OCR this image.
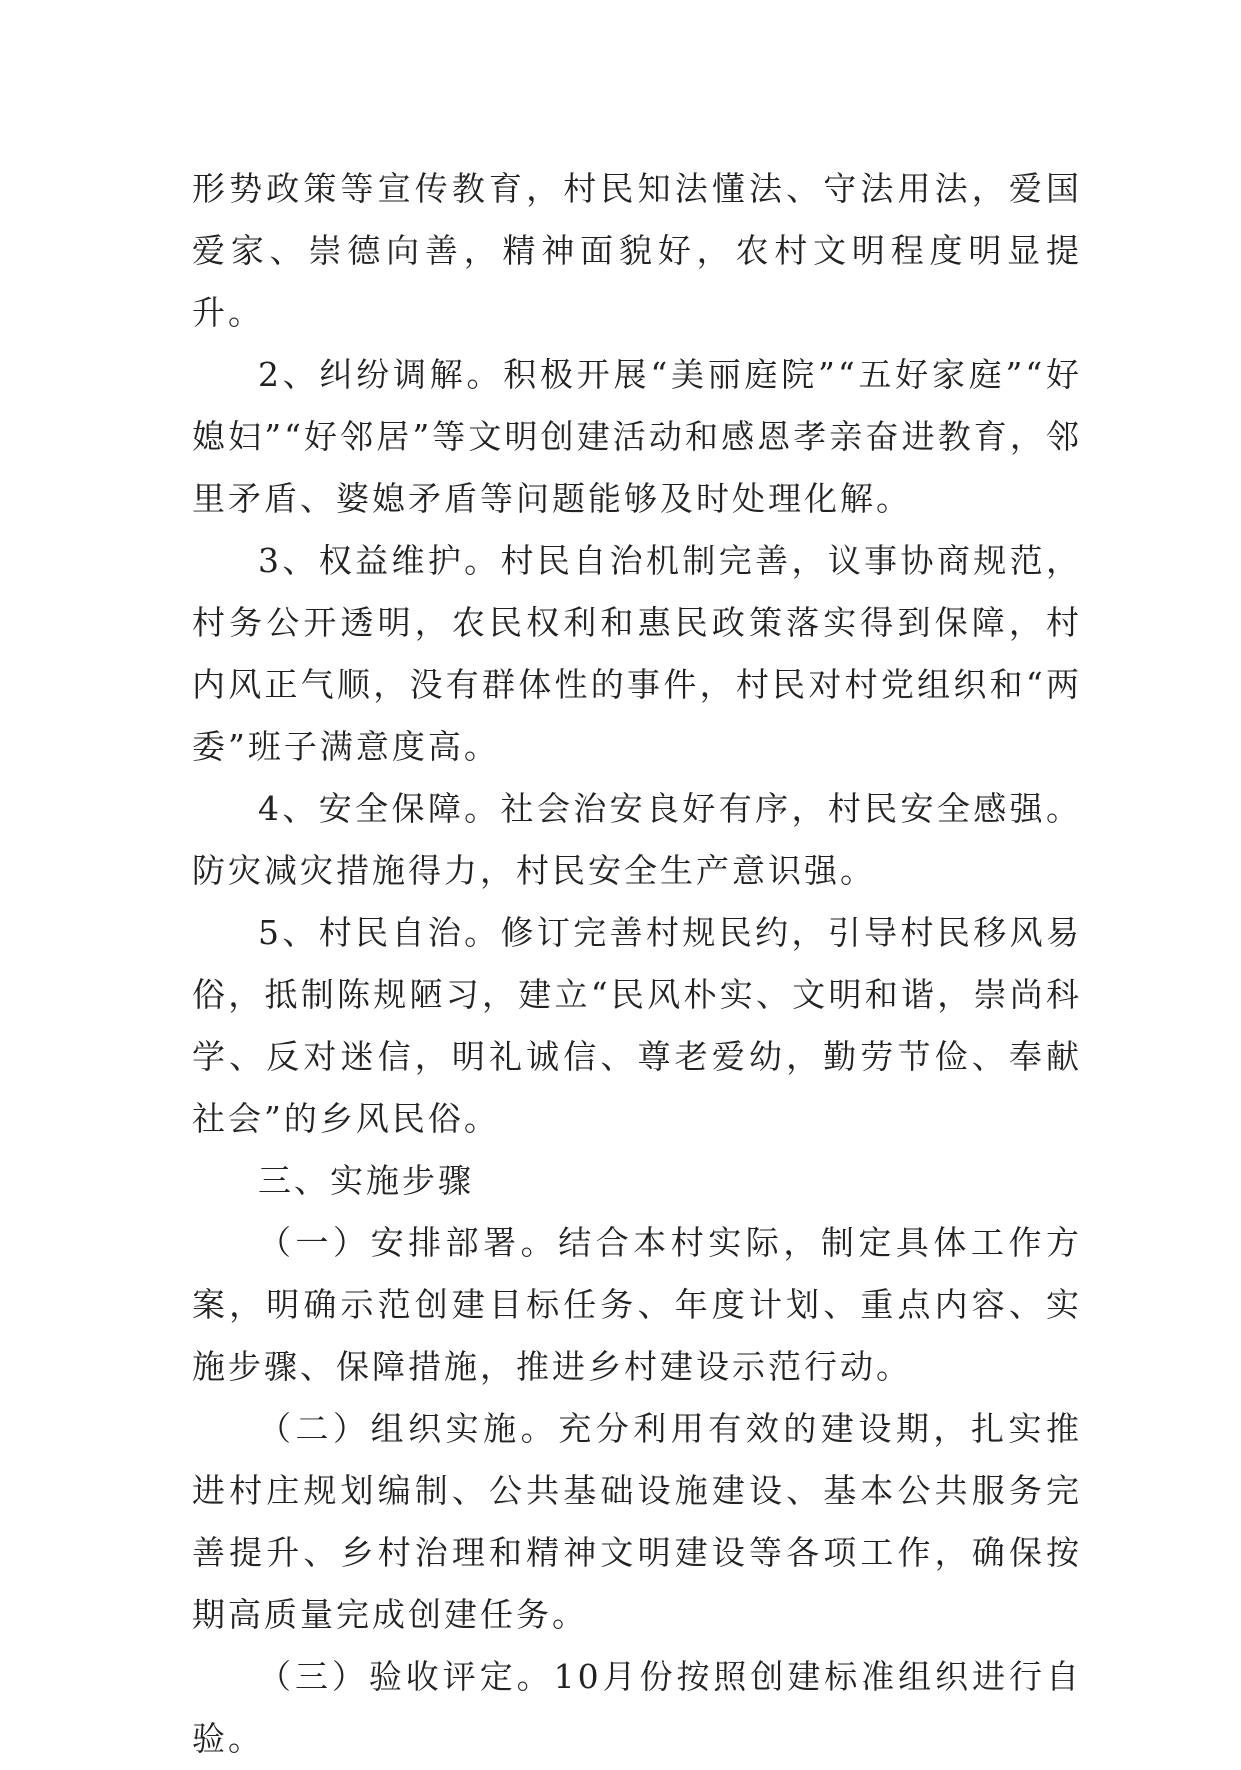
形势政策等宣传教育，村民知法懂法、守法用法，爱国爱家、崇德向善，精神面貌好，农村文明程度明显提升。

2、纠纷调解。积极开展“美丽庭院”“五好家庭”“好媳妇”“好邻居”等文明创建活动和感恩孝亲奋进教育，邻里矛盾、婆媳矛盾等问题能够及时处理化解。

3、权益维护。村民自治机制完善，议事协商规范，村务公开透明，农民权利和惠民政策落实得到保障，村内风正气顺，没有群体性的事件，村民对村党组织和“两委”班子满意度高。

4、安全保障。社会治安良好有序，村民安全感强。防灾减灾措施得力，村民安全生产意识强。

5、村民自治。修订完善村规民约，引导村民移风易俗，抵制陈规陋习，建立“民风朴实、文明和谐，崇尚科学、反对迷信，明礼诚信、尊老爱幼，勤劳节俭、奉献社会”的乡风民俗。

三、实施步骤

（一）安排部署。结合本村实际，制定具体工作方案，明确示范创建目标任务、年度计划、重点内容、实施步骤、保障措施，推进乡村建设示范行动。

（二）组织实施。充分利用有效的建设期，扎实推进村庄规划编制、公共基础设施建设、基本公共服务完善提升、乡村治理和精神文明建设等各项工作，确保按期高质量完成创建任务。

（三）验收评定。10月份按照创建标准组织进行自验。
